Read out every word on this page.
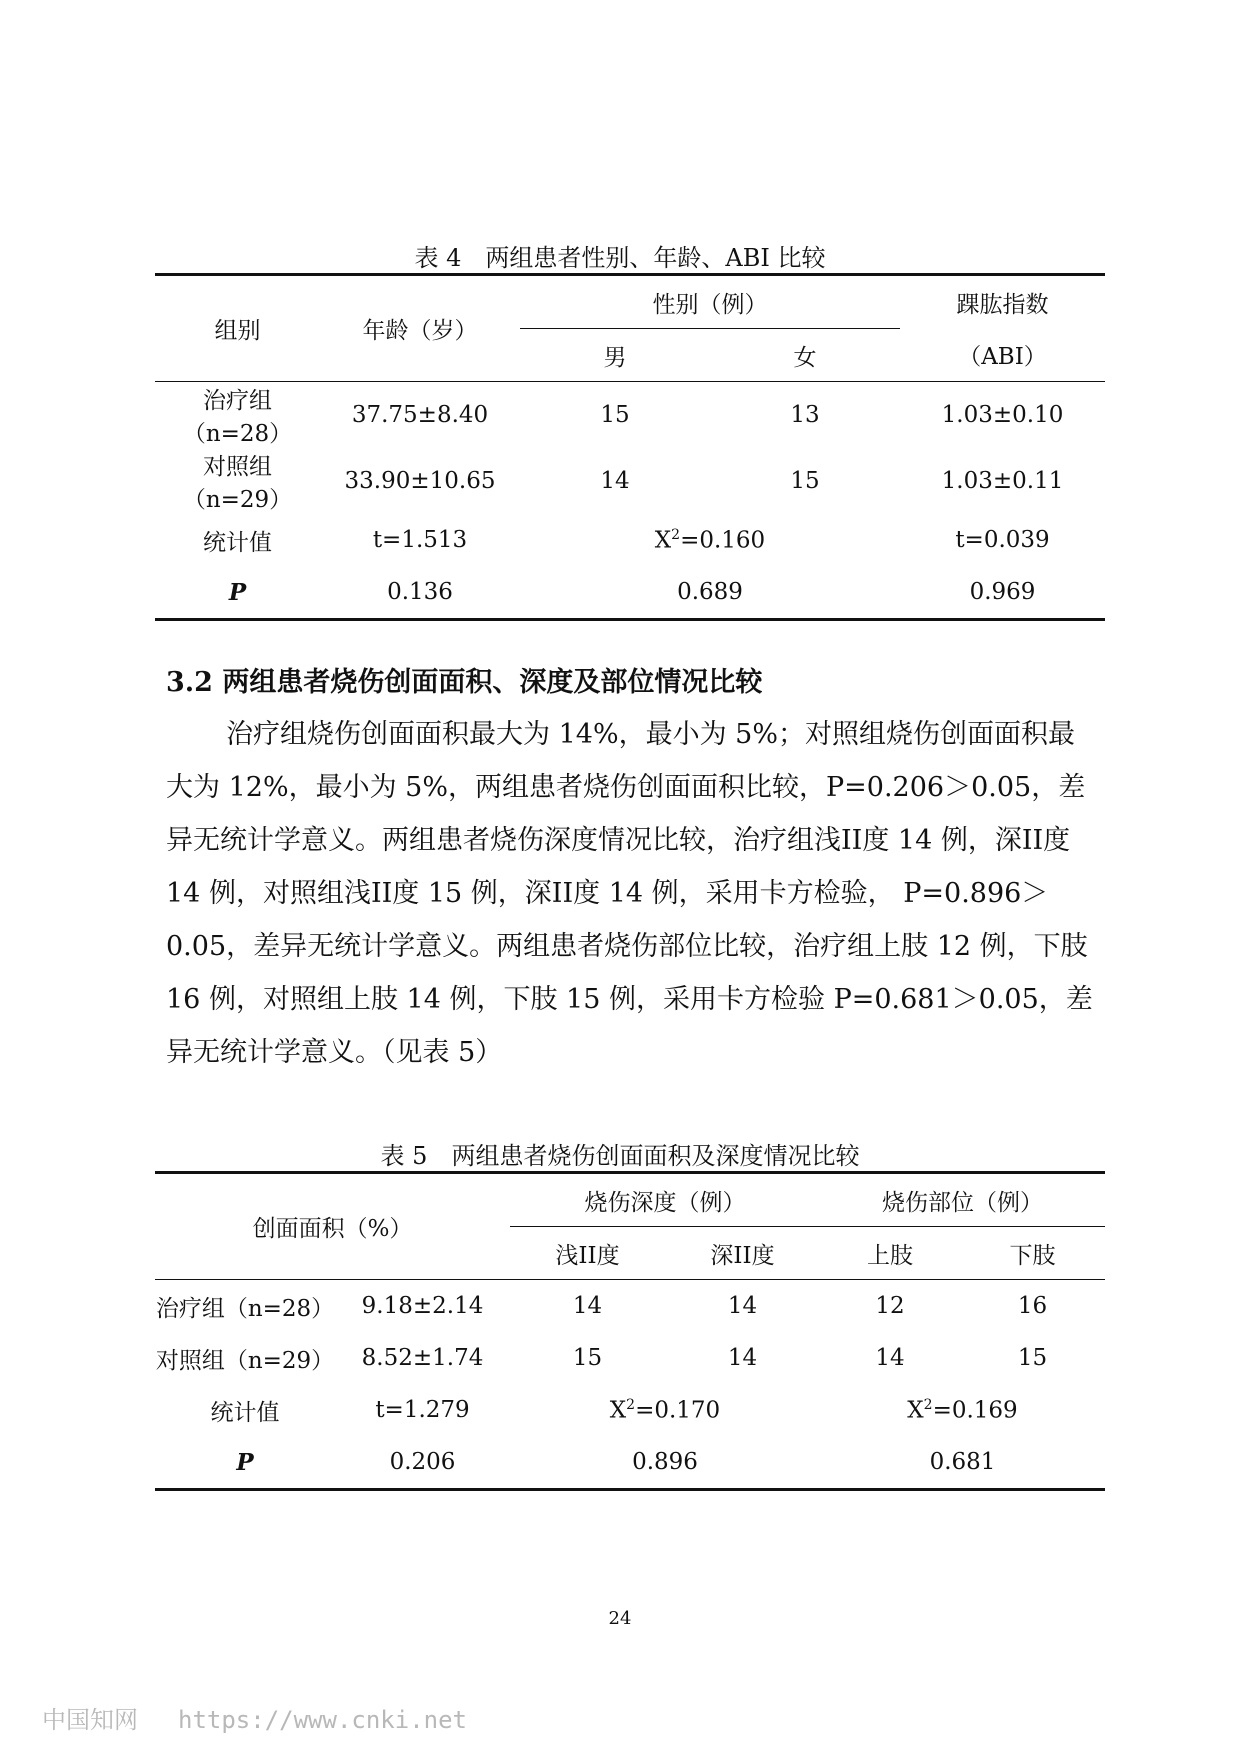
表 4　两组患者性别、年龄、ABI 比较
组别	年龄（岁）	性别（例）		踝肱指数
		男	女	（ABI）
治疗组（n=28）	37.75±8.40	15	13	1.03±0.10
对照组（n=29）	33.90±10.65	14	15	1.03±0.11
统计值	t=1.513	$X^2=0.160$		t=0.039
P	0.136	0.689		0.969
3.2 两组患者烧伤创面面积、深度及部位情况比较

治疗组烧伤创面面积最大为 14%，最小为 5%；对照组烧伤创面面积最大为 12%，最小为 5%，两组患者烧伤创面面积比较，P=0.206＞0.05，差异无统计学意义。两组患者烧伤深度情况比较，治疗组浅II度 14 例，深II度 14 例，对照组浅II度 15 例，深II度 14 例，采用卡方检验， P=0.896＞0.05，差异无统计学意义。两组患者烧伤部位比较，治疗组上肢 12 例，下肢 16 例，对照组上肢 14 例，下肢 15 例，采用卡方检验 P=0.681＞0.05，差异无统计学意义。（见表 5）

表 5　两组患者烧伤创面面积及深度情况比较
创面面积（%）		烧伤深度（例）		烧伤部位（例）	
		浅II度	深II度	上肢	下肢
治疗组（n=28）	9.18±2.14	14	14	12	16
对照组（n=29）	8.52±1.74	15	14	14	15
统计值	t=1.279	$X^2=0.170$		$X^2=0.169$	
P	0.206	0.896		0.681	
24
中国知网 https://www.cnki.net
